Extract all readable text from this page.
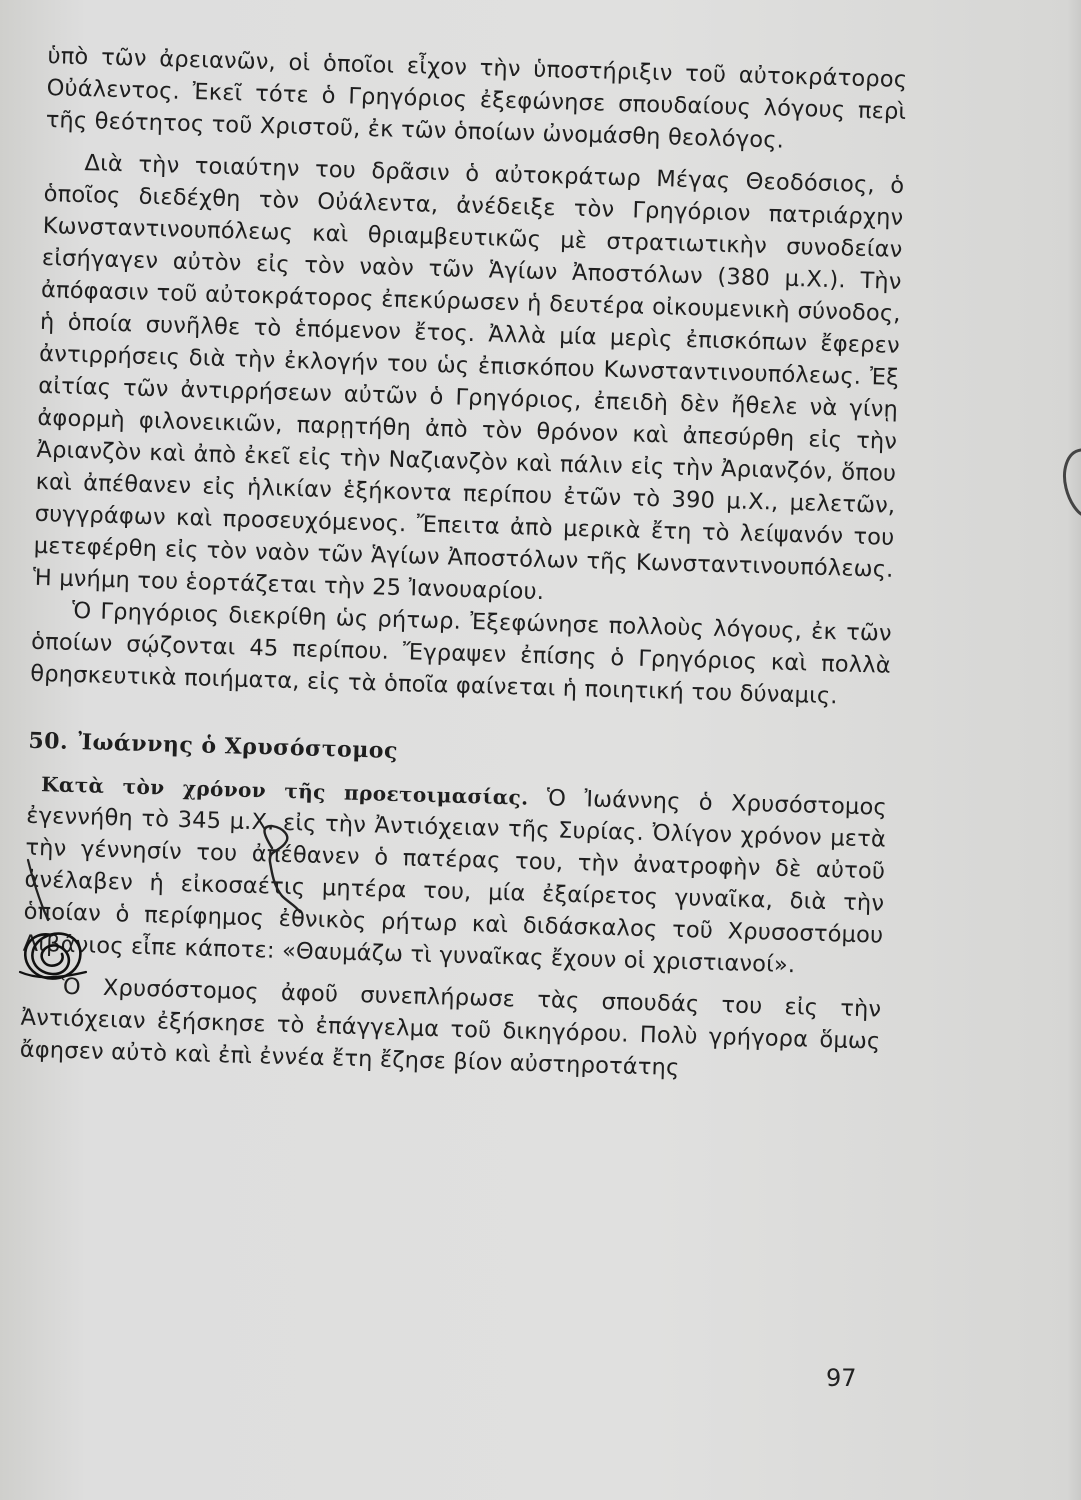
ὑπὸ τῶν ἀρειανῶν, οἱ ὁποῖοι εἶχον τὴν ὑποστήριξιν τοῦ αὐτοκράτορος Οὐάλεντος. Ἐκεῖ τότε ὁ Γρηγόριος ἐξεφώνησε σπουδαίους λόγους περὶ τῆς θεότητος τοῦ Χριστοῦ, ἐκ τῶν ὁποίων ὠνομάσθη θεολόγος.

Διὰ τὴν τοιαύτην του δρᾶσιν ὁ αὐτοκράτωρ Μέγας Θεοδόσιος, ὁ ὁποῖος διεδέχθη τὸν Οὐάλεντα, ἀνέδειξε τὸν Γρηγόριον πατριάρχην Κωνσταντινουπόλεως καὶ θριαμβευτικῶς μὲ στρατιωτικὴν συνοδείαν εἰσήγαγεν αὐτὸν εἰς τὸν ναὸν τῶν Ἁγίων Ἀποστόλων (380 μ.Χ.). Τὴν ἀπόφασιν τοῦ αὐτοκράτορος ἐπεκύρωσεν ἡ δευτέρα οἰκουμενικὴ σύνοδος, ἡ ὁποία συνῆλθε τὸ ἑπόμενον ἔτος. Ἀλλὰ μία μερὶς ἐπισκόπων ἔφερεν ἀντιρρήσεις διὰ τὴν ἐκλογήν του ὡς ἐπισκόπου Κωνσταντινουπόλεως. Ἐξ αἰτίας τῶν ἀντιρρήσεων αὐτῶν ὁ Γρηγόριος, ἐπειδὴ δὲν ἤθελε νὰ γίνῃ ἀφορμὴ φιλονεικιῶν, παρῃτήθη ἀπὸ τὸν θρόνον καὶ ἀπεσύρθη εἰς τὴν Ἀριανζὸν καὶ ἀπὸ ἐκεῖ εἰς τὴν Ναζιανζὸν καὶ πάλιν εἰς τὴν Ἀριανζόν, ὅπου καὶ ἀπέθανεν εἰς ἡλικίαν ἑξήκοντα περίπου ἐτῶν τὸ 390 μ.Χ., μελετῶν, συγγράφων καὶ προσευχόμενος. Ἔπειτα ἀπὸ μερικὰ ἔτη τὸ λείψανόν του μετεφέρθη εἰς τὸν ναὸν τῶν Ἁγίων Ἀποστόλων τῆς Κωνσταντινουπόλεως. Ἡ μνήμη του ἑορτάζεται τὴν 25 Ἰανουαρίου.

Ὁ Γρηγόριος διεκρίθη ὡς ρήτωρ. Ἐξεφώνησε πολλοὺς λόγους, ἐκ τῶν ὁποίων σῴζονται 45 περίπου. Ἔγραψεν ἐπίσης ὁ Γρηγόριος καὶ πολλὰ θρησκευτικὰ ποιήματα, εἰς τὰ ὁποῖα φαίνεται ἡ ποιητική του δύναμις.

50. Ἰωάννης ὁ Χρυσόστομος

Κατὰ τὸν χρόνον τῆς προετοιμασίας. Ὁ Ἰωάννης ὁ Χρυσόστομος ἐγεννήθη τὸ 345 μ.Χ. εἰς τὴν Ἀντιόχειαν τῆς Συρίας. Ὀλίγον χρόνον μετὰ τὴν γέννησίν του ἀπέθανεν ὁ πατέρας του, τὴν ἀνατροφὴν δὲ αὐτοῦ ἀνέλαβεν ἡ εἰκοσαέτις μητέρα του, μία ἐξαίρετος γυναῖκα, διὰ τὴν ὁποίαν ὁ περίφημος ἐθνικὸς ρήτωρ καὶ διδάσκαλος τοῦ Χρυσοστόμου Λιβάνιος εἶπε κάποτε: «Θαυμάζω τὶ γυναῖκας ἔχουν οἱ χριστιανοί».

Ὁ Χρυσόστομος ἀφοῦ συνεπλήρωσε τὰς σπουδάς του εἰς τὴν Ἀντιόχειαν ἐξήσκησε τὸ ἐπάγγελμα τοῦ δικηγόρου. Πολὺ γρήγορα ὅμως ἄφησεν αὐτὸ καὶ ἐπὶ ἐννέα ἔτη ἔζησε βίον αὐστηροτάτης

97
